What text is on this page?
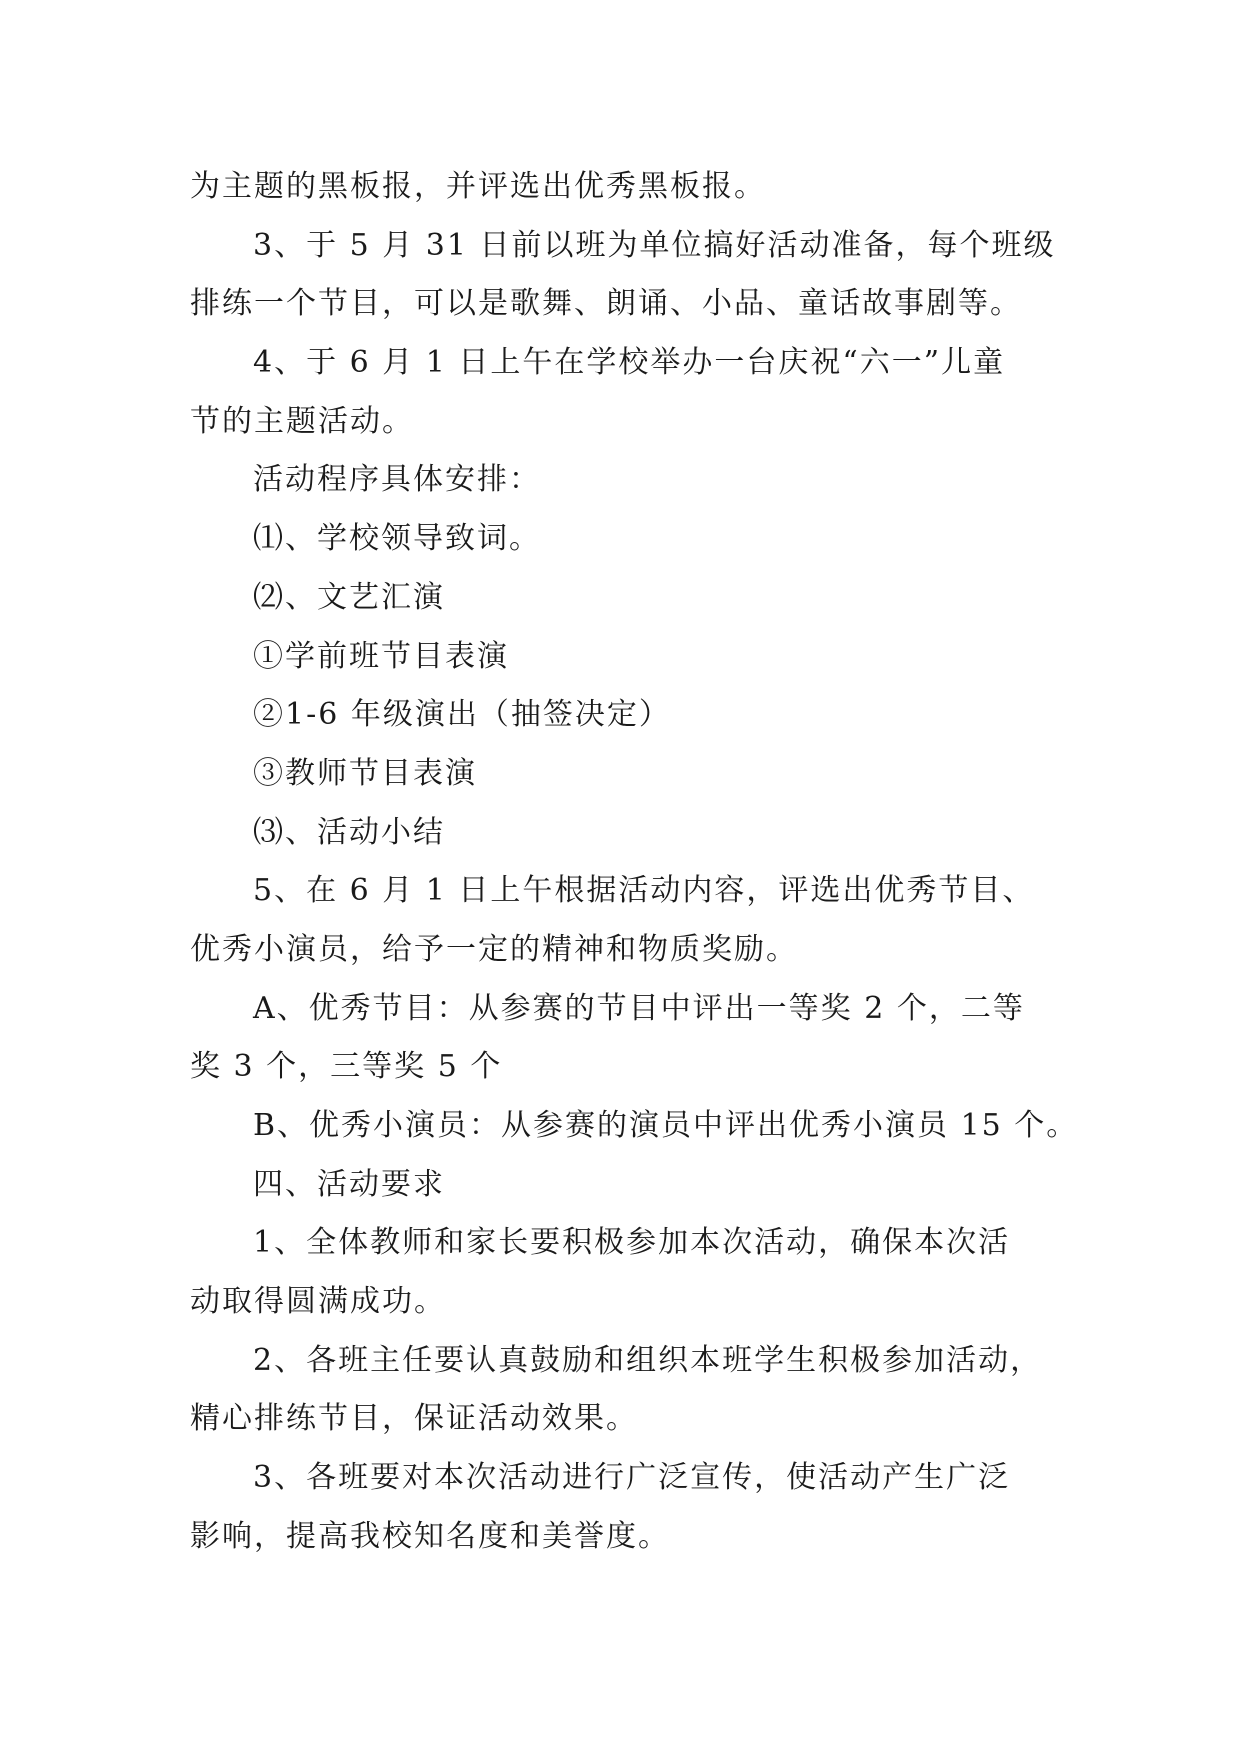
为主题的黑板报，并评选出优秀黑板报。
3、于 5 月 31 日前以班为单位搞好活动准备，每个班级
排练一个节目，可以是歌舞、朗诵、小品、童话故事剧等。
4、于 6 月 1 日上午在学校举办一台庆祝“六一”儿童
节的主题活动。
活动程序具体安排：
⑴、学校领导致词。
⑵、文艺汇演
①学前班节目表演
②1-6 年级演出（抽签决定）
③教师节目表演
⑶、活动小结
5、在 6 月 1 日上午根据活动内容，评选出优秀节目、
优秀小演员，给予一定的精神和物质奖励。
A、优秀节目：从参赛的节目中评出一等奖 2 个，二等
奖 3 个，三等奖 5 个
B、优秀小演员：从参赛的演员中评出优秀小演员 15 个。
四、活动要求
1、全体教师和家长要积极参加本次活动，确保本次活
动取得圆满成功。
2、各班主任要认真鼓励和组织本班学生积极参加活动，
精心排练节目，保证活动效果。
3、各班要对本次活动进行广泛宣传，使活动产生广泛
影响，提高我校知名度和美誉度。
